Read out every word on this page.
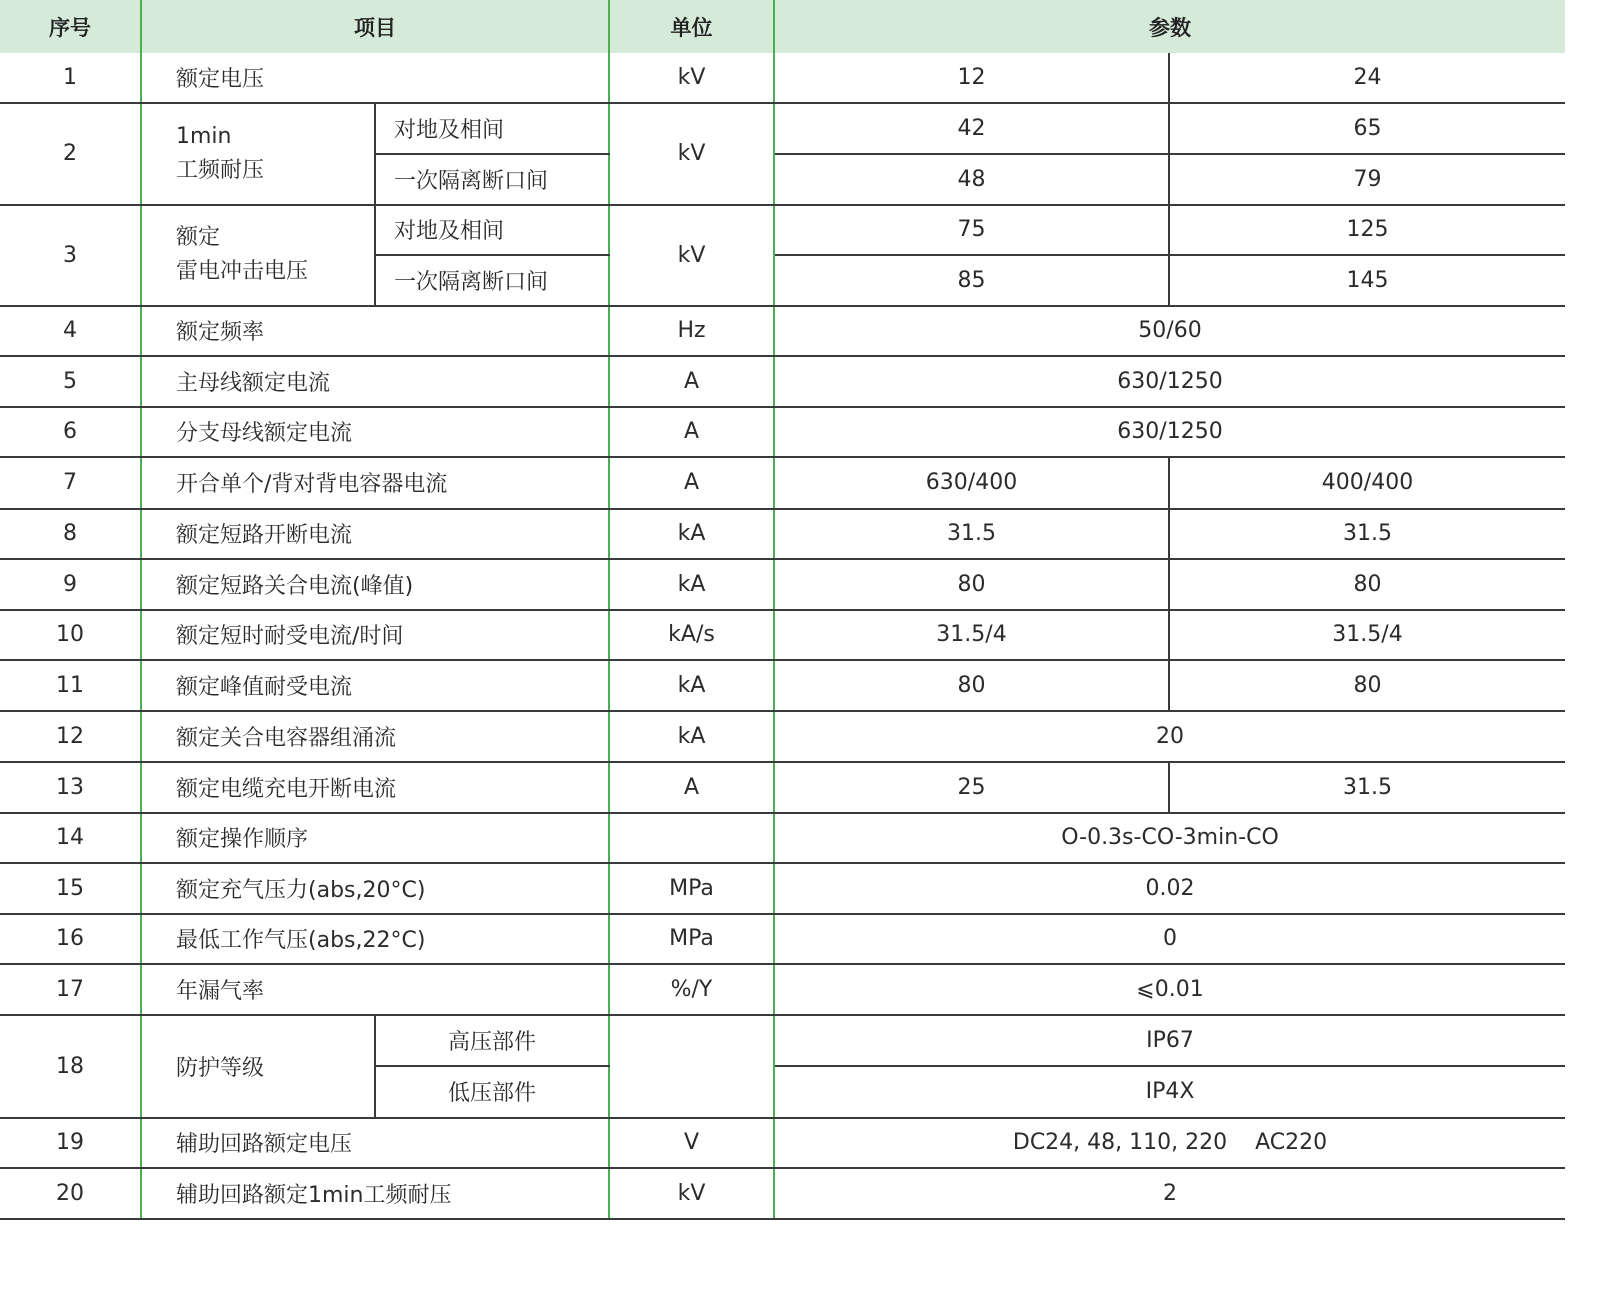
序号	项目		单位	参数	
1	额定电压		kV	12	24
2	1min
工频耐压	对地及相间	kV	42	65
		一次隔离断口间		48	79
3	额定
雷电冲击电压	对地及相间	kV	75	125
		一次隔离断口间		85	145
4	额定频率		Hz	50/60	
5	主母线额定电流		A	630/1250	
6	分支母线额定电流		A	630/1250	
7	开合单个/背对背电容器电流		A	630/400	400/400
8	额定短路开断电流		kA	31.5	31.5
9	额定短路关合电流(峰值)		kA	80	80
10	额定短时耐受电流/时间		kA/s	31.5/4	31.5/4
11	额定峰值耐受电流		kA	80	80
12	额定关合电容器组涌流		kA	20	
13	额定电缆充电开断电流		A	25	31.5
14	额定操作顺序			O-0.3s-CO-3min-CO	
15	额定充气压力(abs,20°C)		MPa	0.02	
16	最低工作气压(abs,22°C)		MPa	0	
17	年漏气率		%/Y	⩽0.01	
18	防护等级	高压部件		IP67	
		低压部件		IP4X	
19	辅助回路额定电压		V	DC24, 48, 110, 220    AC220	
20	辅助回路额定1min工频耐压		kV	2	
